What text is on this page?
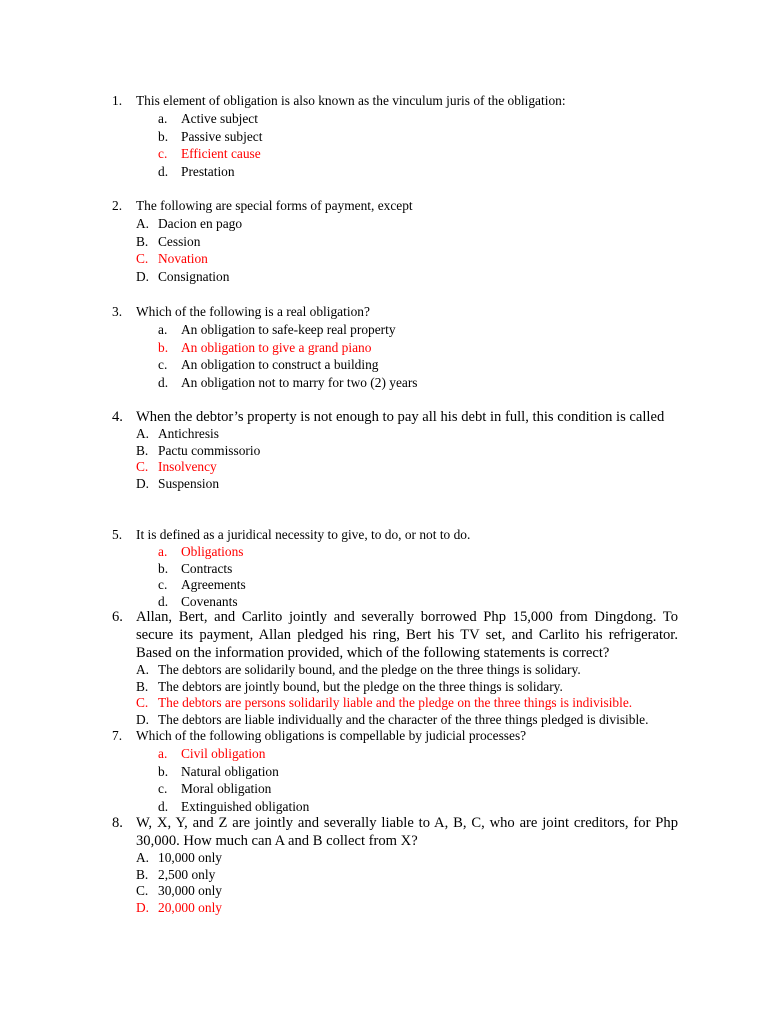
1. This element of obligation is also known as the vinculum juris of the obligation:
a. Active subject
b. Passive subject
c. Efficient cause
d. Prestation
2. The following are special forms of payment, except
A. Dacion en pago
B. Cession
C. Novation
D. Consignation
3. Which of the following is a real obligation?
a. An obligation to safe-keep real property
b. An obligation to give a grand piano
c. An obligation to construct a building
d. An obligation not to marry for two (2) years
4. When the debtor’s property is not enough to pay all his debt in full, this condition is called
A. Antichresis
B. Pactu commissorio
C. Insolvency
D. Suspension
5. It is defined as a juridical necessity to give, to do, or not to do.
a. Obligations
b. Contracts
c. Agreements
d. Covenants
6. Allan, Bert, and Carlito jointly and severally borrowed Php 15,000 from Dingdong. To secure its payment, Allan pledged his ring, Bert his TV set, and Carlito his refrigerator. Based on the information provided, which of the following statements is correct?
A. The debtors are solidarily bound, and the pledge on the three things is solidary.
B. The debtors are jointly bound, but the pledge on the three things is solidary.
C. The debtors are persons solidarily liable and the pledge on the three things is indivisible.
D. The debtors are liable individually and the character of the three things pledged is divisible.
7. Which of the following obligations is compellable by judicial processes?
a. Civil obligation
b. Natural obligation
c. Moral obligation
d. Extinguished obligation
8. W, X, Y, and Z are jointly and severally liable to A, B, C, who are joint creditors, for Php 30,000. How much can A and B collect from X?
A. 10,000 only
B. 2,500 only
C. 30,000 only
D. 20,000 only
